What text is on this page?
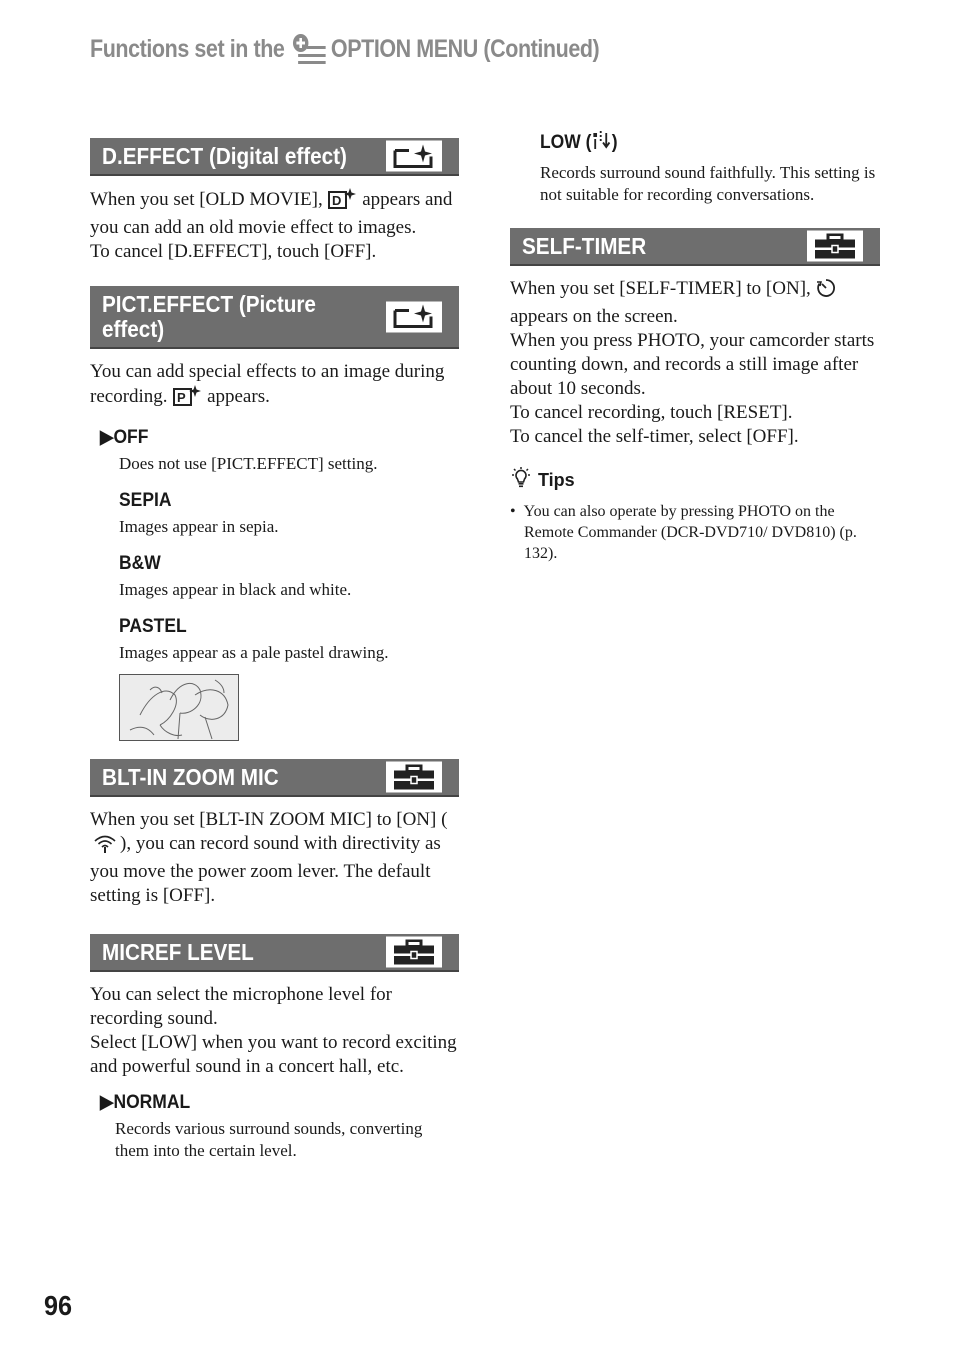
Functions set in the OPTION MENU (Continued)
D.EFFECT (Digital effect)

When you set [OLD MOVIE], D appears and you can add an old movie effect to images.

To cancel [D.EFFECT], touch [OFF].

PICT.EFFECT (Picture effect)

You can add special effects to an image during recording. P appears.

▶OFF
Does not use [PICT.EFFECT] setting.
SEPIA
Images appear in sepia.
B&W
Images appear in black and white.
PASTEL
Images appear as a pale pastel drawing.
BLT-IN ZOOM MIC

When you set [BLT-IN ZOOM MIC] to [ON] (), you can record sound with directivity as you move the power zoom lever. The default setting is [OFF].

MICREF LEVEL

You can select the microphone level for recording sound.

Select [LOW] when you want to record exciting and powerful sound in a concert hall, etc.

▶NORMAL
Records various surround sounds, converting them into the certain level.
LOW ( )
Records surround sound faithfully. This setting is not suitable for recording conversations.
SELF-TIMER

When you set [SELF-TIMER] to [ON],  appears on the screen.

When you press PHOTO, your camcorder starts counting down, and records a still image after about 10 seconds.

To cancel recording, touch [RESET].

To cancel the self-timer, select [OFF].

Tips
• You can also operate by pressing PHOTO on the Remote Commander (DCR-DVD710/ DVD810) (p. 132).
96
